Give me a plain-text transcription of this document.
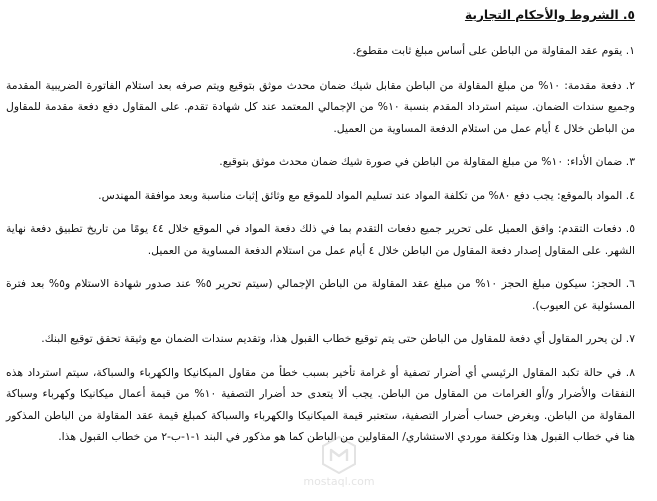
٥. الشروط والأحكام التجارية
١. يقوم عقد المقاولة من الباطن على أساس مبلغ ثابت مقطوع.
٢. دفعة مقدمة: ١٠% من مبلغ المقاولة من الباطن مقابل شيك ضمان محدث موثق بتوقيع ويتم صرفه بعد استلام الفاتورة الضريبية المقدمة وجميع سندات الضمان. سيتم استرداد المقدم بنسبة ١٠% من الإجمالي المعتمد عند كل شهادة تقدم. على المقاول دفع دفعة مقدمة للمقاول من الباطن خلال ٤ أيام عمل من استلام الدفعة المساوية من العميل.
٣. ضمان الأداء: ١٠% من مبلغ المقاولة من الباطن في صورة شيك ضمان محدث موثق بتوقيع.
٤. المواد بالموقع: يجب دفع ٨٠% من تكلفة المواد عند تسليم المواد للموقع مع وثائق إثبات مناسبة وبعد موافقة المهندس.
٥. دفعات التقدم: وافق العميل على تحرير جميع دفعات التقدم بما في ذلك دفعة المواد في الموقع خلال ٤٤ يومًا من تاريخ تطبيق دفعة نهاية الشهر. على المقاول إصدار دفعة المقاول من الباطن خلال ٤ أيام عمل من استلام الدفعة المساوية من العميل.
٦. الحجز: سيكون مبلغ الحجز ١٠% من مبلغ عقد المقاولة من الباطن الإجمالي (سيتم تحرير ٥% عند صدور شهادة الاستلام و٥% بعد فترة المسئولية عن العيوب).
٧. لن يحرر المقاول أي دفعة للمقاول من الباطن حتى يتم توقيع خطاب القبول هذا، وتقديم سندات الضمان مع وثيقة تحقق توقيع البنك.
٨. في حالة تكبد المقاول الرئيسي أي أضرار تصفية أو غرامة تأخير بسبب خطأ من مقاول الميكانيكا والكهرباء والسباكة، سيتم استرداد هذه النفقات والأضرار و/أو الغرامات من المقاول من الباطن. يجب ألا يتعدى حد أضرار التصفية ١٠% من قيمة أعمال ميكانيكا وكهرباء وسباكة المقاولة من الباطن. وبغرض حساب أضرار التصفية، ستعتبر قيمة الميكانيكا والكهرباء والسباكة كمبلغ قيمة عقد المقاولة من الباطن المذكور هنا في خطاب القبول هذا وتكلفة موردي الاستشاري/ المقاولين من الباطن كما هو مذكور في البند ١-١-ب-٢ من خطاب القبول هذا.
mostaql.com
